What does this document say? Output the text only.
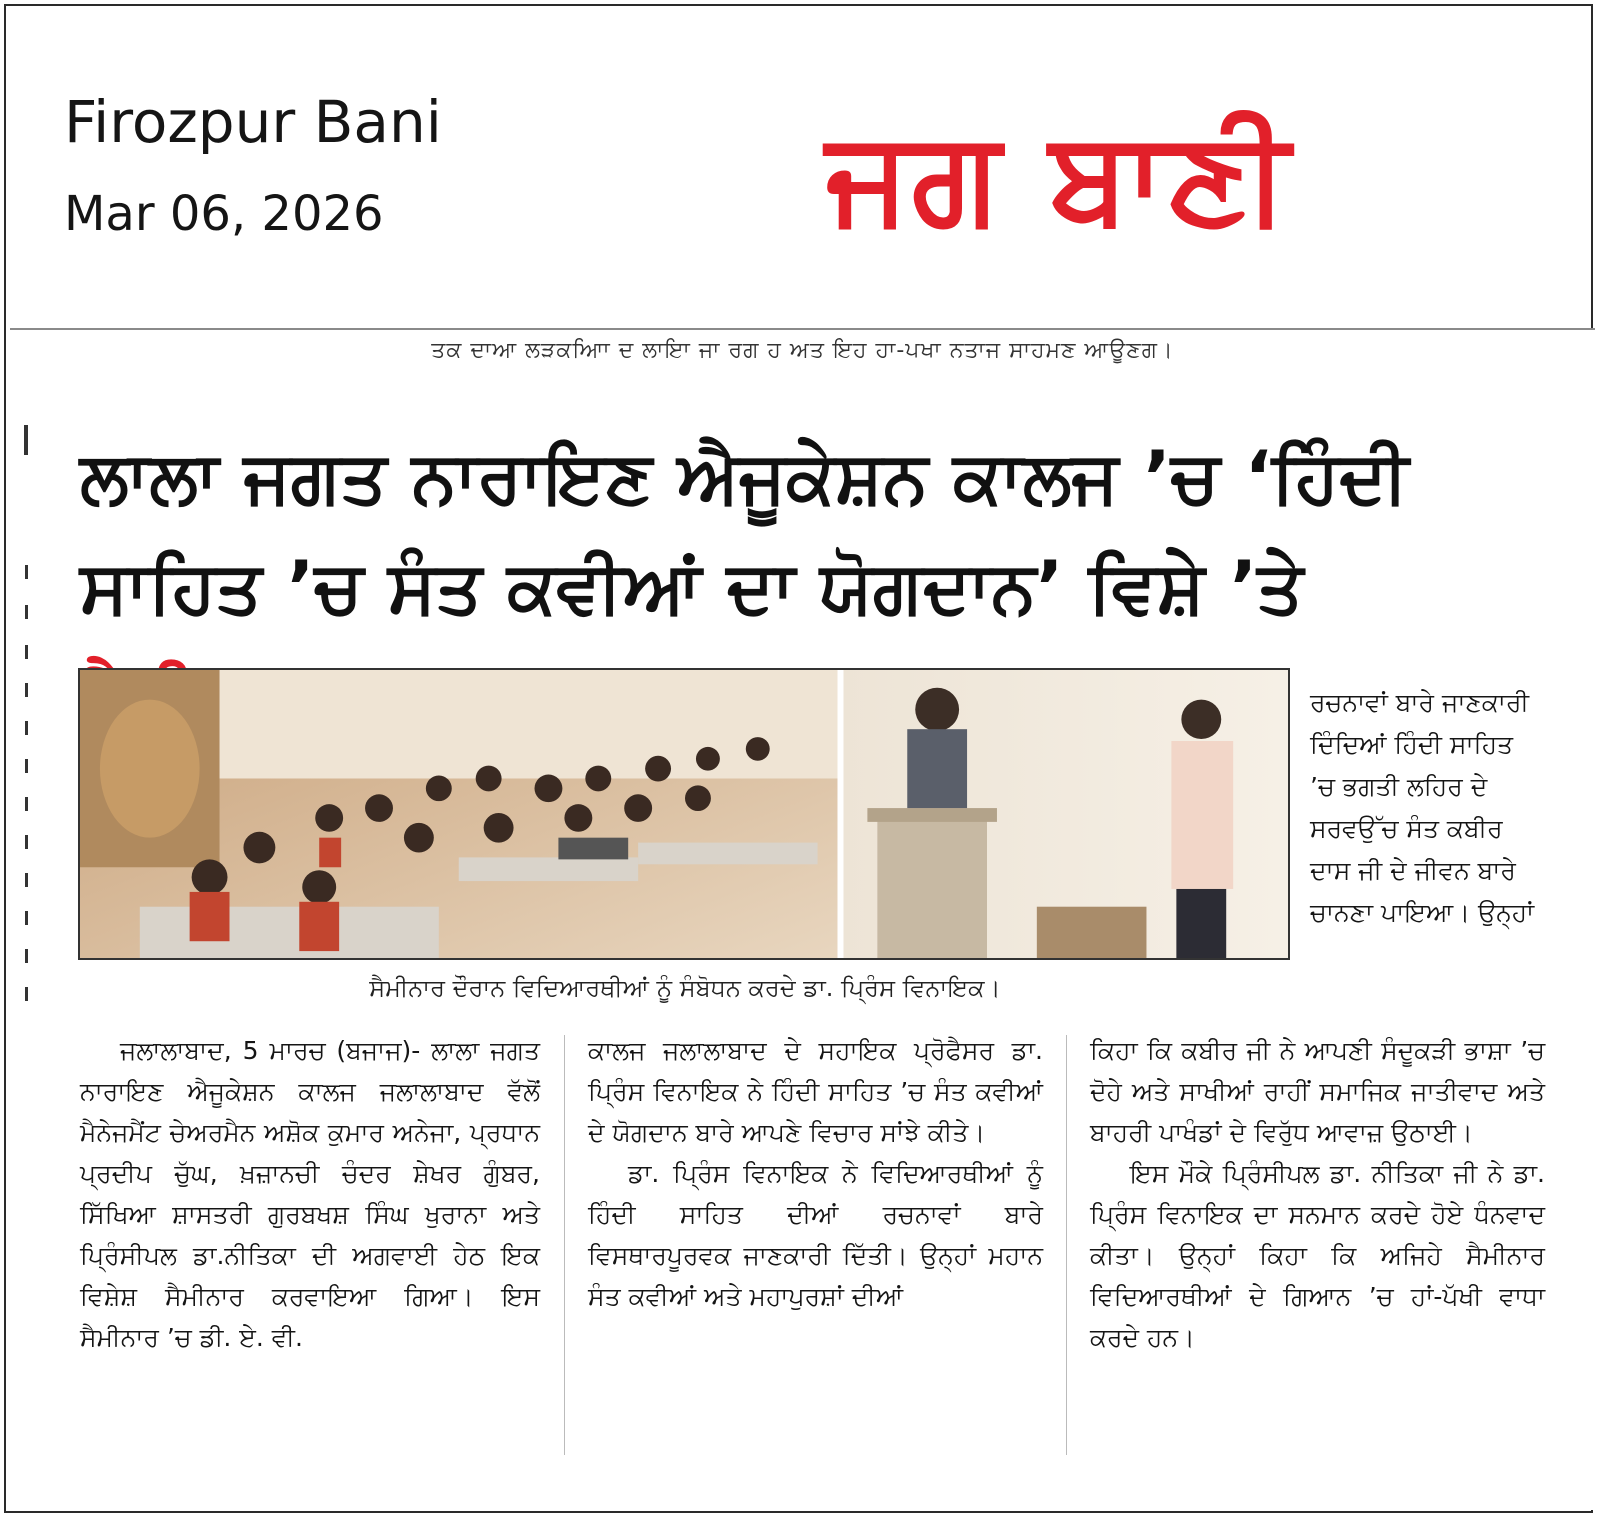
Firozpur Bani
Mar 06, 2026	ਜਗ ਬਾਣੀ
ਤਕ ਦਾਆ ਲੜਕਆਿਾ ਦ ਲਾਇਾ ਜਾ ਰਗ ਹ ਅਤ ਇਹ ਹਾ-ਪਖਾ ਨਤਾਜ ਸਾਹਮਣ ਆਊਣਗ।
ਲਾਲਾ ਜਗਤ ਨਾਰਾਇਣ ਐਜੂਕੇਸ਼ਨ ਕਾਲਜ ’ਚ ‘ਹਿੰਦੀ ਸਾਹਿਤ ’ਚ ਸੰਤ ਕਵੀਆਂ ਦਾ ਯੋਗਦਾਨ’ ਵਿਸ਼ੇ ’ਤੇ
ਸੈਮੀਨਾਰ ਦੌਰਾਨ ਵਿਦਿਆਰਥੀਆਂ ਨੂੰ ਸੰਬੋਧਨ ਕਰਦੇ ਡਾ. ਪ੍ਰਿੰਸ ਵਿਨਾਇਕ।
ਰਚਨਾਵਾਂ ਬਾਰੇ ਜਾਣਕਾਰੀ ਦਿੰਦਿਆਂ ਹਿੰਦੀ ਸਾਹਿਤ ’ਚ ਭਗਤੀ ਲਹਿਰ ਦੇ ਸਰਵਉੱਚ ਸੰਤ ਕਬੀਰ ਦਾਸ ਜੀ ਦੇ ਜੀਵਨ ਬਾਰੇ ਚਾਨਣਾ ਪਾਇਆ। ਉਨ੍ਹਾਂ

ਜਲਾਲਾਬਾਦ, 5 ਮਾਰਚ (ਬਜਾਜ)- ਲਾਲਾ ਜਗਤ ਨਾਰਾਇਣ ਐਜੂਕੇਸ਼ਨ ਕਾਲਜ ਜਲਾਲਾਬਾਦ ਵੱਲੋਂ ਮੈਨੇਜਮੈਂਟ ਚੇਅਰਮੈਨ ਅਸ਼ੋਕ ਕੁਮਾਰ ਅਨੇਜਾ, ਪ੍ਰਧਾਨ ਪ੍ਰਦੀਪ ਚੁੱਘ, ਖ਼ਜ਼ਾਨਚੀ ਚੰਦਰ ਸ਼ੇਖਰ ਗੁੰਬਰ, ਸਿੱਖਿਆ ਸ਼ਾਸਤਰੀ ਗੁਰਬਖਸ਼ ਸਿੰਘ ਖੁਰਾਨਾ ਅਤੇ ਪ੍ਰਿੰਸੀਪਲ ਡਾ.ਨੀਤਿਕਾ ਦੀ ਅਗਵਾਈ ਹੇਠ ਇਕ ਵਿਸ਼ੇਸ਼ ਸੈਮੀਨਾਰ ਕਰਵਾਇਆ ਗਿਆ। ਇਸ ਸੈਮੀਨਾਰ ’ਚ ਡੀ. ਏ. ਵੀ.

ਕਾਲਜ ਜਲਾਲਾਬਾਦ ਦੇ ਸਹਾਇਕ ਪ੍ਰੋਫੈਸਰ ਡਾ. ਪ੍ਰਿੰਸ ਵਿਨਾਇਕ ਨੇ ਹਿੰਦੀ ਸਾਹਿਤ ’ਚ ਸੰਤ ਕਵੀਆਂ ਦੇ ਯੋਗਦਾਨ ਬਾਰੇ ਆਪਣੇ ਵਿਚਾਰ ਸਾਂਝੇ ਕੀਤੇ।

ਡਾ. ਪ੍ਰਿੰਸ ਵਿਨਾਇਕ ਨੇ ਵਿਦਿਆਰਥੀਆਂ ਨੂੰ ਹਿੰਦੀ ਸਾਹਿਤ ਦੀਆਂ ਰਚਨਾਵਾਂ ਬਾਰੇ ਵਿਸਥਾਰਪੂਰਵਕ ਜਾਣਕਾਰੀ ਦਿੱਤੀ। ਉਨ੍ਹਾਂ ਮਹਾਨ ਸੰਤ ਕਵੀਆਂ ਅਤੇ ਮਹਾਪੁਰਸ਼ਾਂ ਦੀਆਂ

ਕਿਹਾ ਕਿ ਕਬੀਰ ਜੀ ਨੇ ਆਪਣੀ ਸੰਦੂਕੜੀ ਭਾਸ਼ਾ ’ਚ ਦੋਹੇ ਅਤੇ ਸਾਖੀਆਂ ਰਾਹੀਂ ਸਮਾਜਿਕ ਜਾਤੀਵਾਦ ਅਤੇ ਬਾਹਰੀ ਪਾਖੰਡਾਂ ਦੇ ਵਿਰੁੱਧ ਆਵਾਜ਼ ਉਠਾਈ।

ਇਸ ਮੌਕੇ ਪ੍ਰਿੰਸੀਪਲ ਡਾ. ਨੀਤਿਕਾ ਜੀ ਨੇ ਡਾ. ਪ੍ਰਿੰਸ ਵਿਨਾਇਕ ਦਾ ਸਨਮਾਨ ਕਰਦੇ ਹੋਏ ਧੰਨਵਾਦ ਕੀਤਾ। ਉਨ੍ਹਾਂ ਕਿਹਾ ਕਿ ਅਜਿਹੇ ਸੈਮੀਨਾਰ ਵਿਦਿਆਰਥੀਆਂ ਦੇ ਗਿਆਨ ’ਚ ਹਾਂ-ਪੱਖੀ ਵਾਧਾ ਕਰਦੇ ਹਨ।
